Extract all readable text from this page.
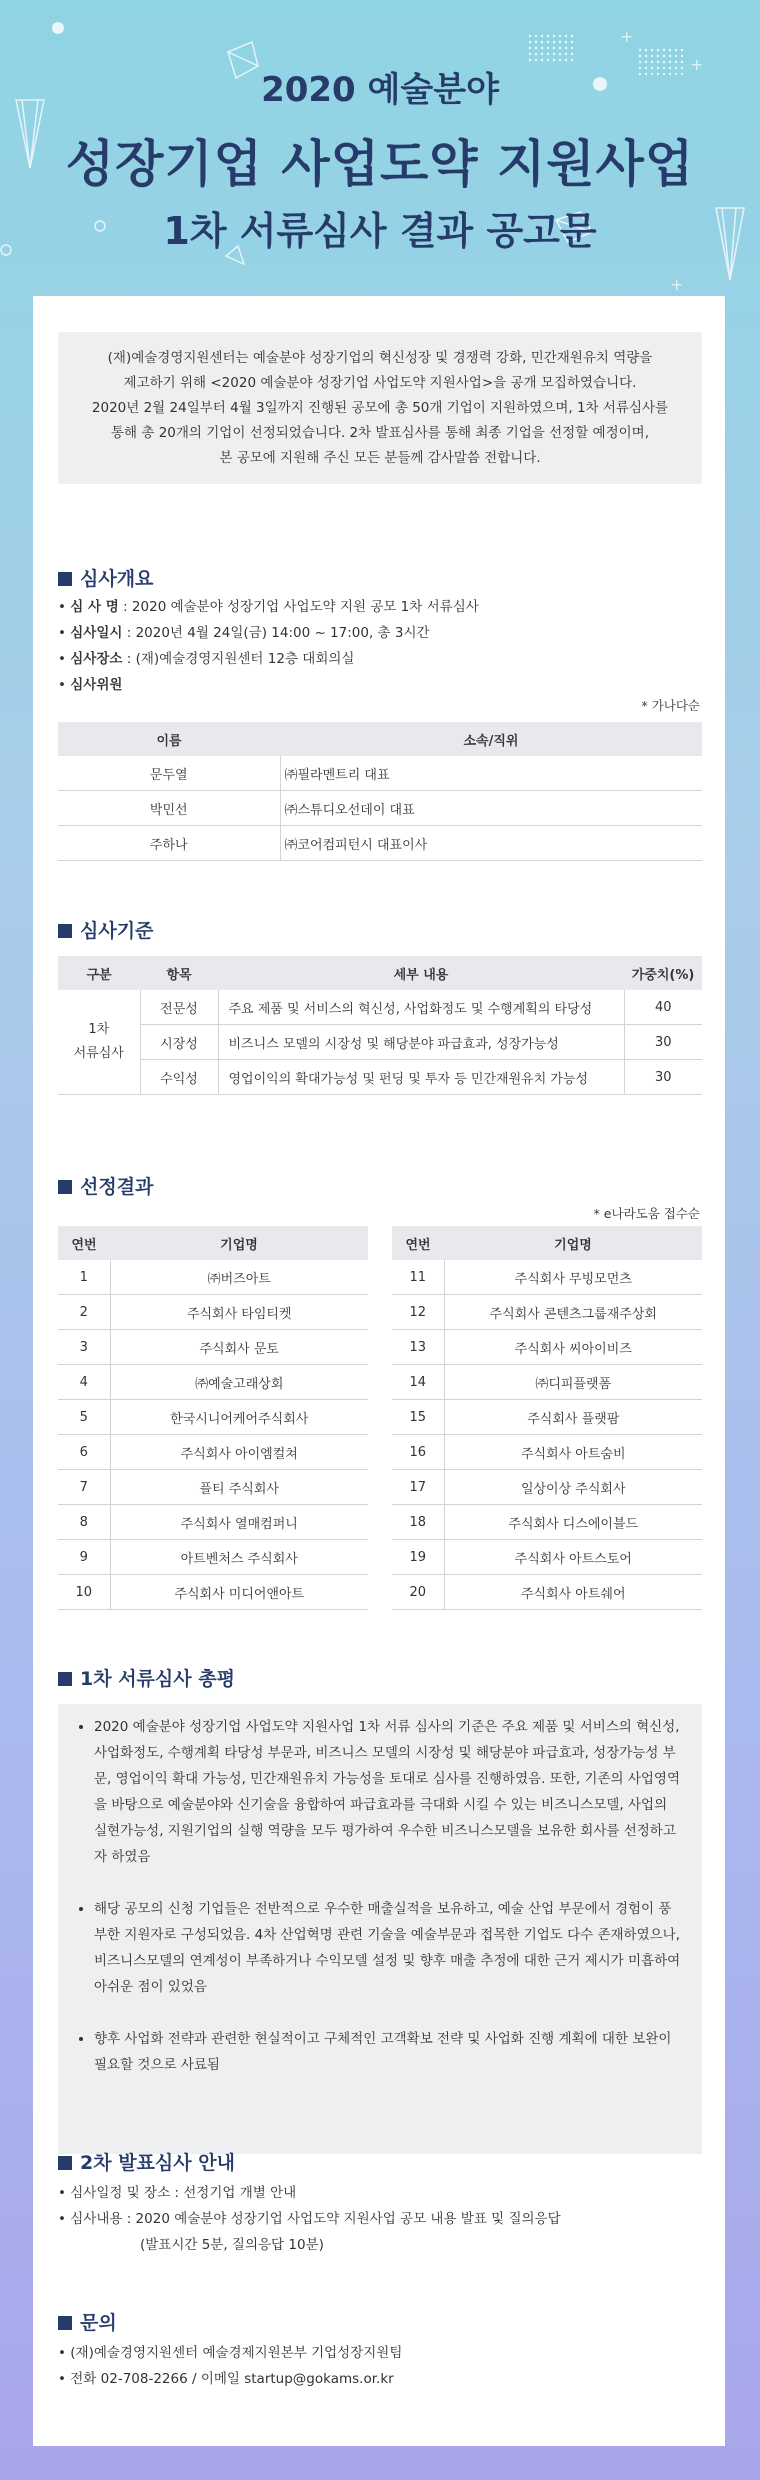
+
+
+
2020 예술분야
성장기업 사업도약 지원사업
1차 서류심사 결과 공고문
(재)예술경영지원센터는 예술분야 성장기업의 혁신성장 및 경쟁력 강화, 민간재원유치 역량을
제고하기 위해 <2020 예술분야 성장기업 사업도약 지원사업>을 공개 모집하였습니다.
2020년 2월 24일부터 4월 3일까지 진행된 공모에 총 50개 기업이 지원하였으며, 1차 서류심사를
통해 총 20개의 기업이 선정되었습니다. 2차 발표심사를 통해 최종 기업을 선정할 예정이며,
본 공모에 지원해 주신 모든 분들께 감사말씀 전합니다.
심사개요
• 심 사 명 : 2020 예술분야 성장기업 사업도약 지원 공모 1차 서류심사
• 심사일시 : 2020년 4월 24일(금) 14:00 ~ 17:00, 총 3시간
• 심사장소 : (재)예술경영지원센터 12층 대회의실
• 심사위원
* 가나다순
이름	소속/직위
문두열	㈜필라멘트리 대표
박민선	㈜스튜디오선데이 대표
주하나	㈜코어컴피턴시 대표이사
심사기준
구분	항목	세부 내용	가중치(%)
1차
서류심사	전문성	주요 제품 및 서비스의 혁신성, 사업화정도 및 수행계획의 타당성	40
	시장성	비즈니스 모델의 시장성 및 해당분야 파급효과, 성장가능성	30
	수익성	영업이익의 확대가능성 및 펀딩 및 투자 등 민간재원유치 가능성	30
선정결과
* e나라도움 접수순
연번	기업명
1	㈜버즈아트
2	주식회사 타임티켓
3	주식회사 문토
4	㈜예술고래상회
5	한국시니어케어주식회사
6	주식회사 아이엠컬쳐
7	플티 주식회사
8	주식회사 열매컴퍼니
9	아트벤처스 주식회사
10	주식회사 미디어앤아트
연번	기업명
11	주식회사 무빙모먼츠
12	주식회사 콘텐츠그룹재주상회
13	주식회사 씨아이비즈
14	㈜디피플랫폼
15	주식회사 플랫팜
16	주식회사 아트숨비
17	일상이상 주식회사
18	주식회사 디스에이블드
19	주식회사 아트스토어
20	주식회사 아트쉐어
1차 서류심사 총평
• 2020 예술분야 성장기업 사업도약 지원사업 1차 서류 심사의 기준은 주요 제품 및 서비스의 혁신성, 사업화정도, 수행계획 타당성 부문과, 비즈니스 모델의 시장성 및 해당분야 파급효과, 성장가능성 부문, 영업이익 확대 가능성, 민간재원유치 가능성을 토대로 심사를 진행하였음. 또한, 기존의 사업영역을 바탕으로 예술분야와 신기술을 융합하여 파급효과를 극대화 시킬 수 있는 비즈니스모델, 사업의 실현가능성, 지원기업의 실행 역량을 모두 평가하여 우수한 비즈니스모델을 보유한 회사를 선정하고자 하였음
• 해당 공모의 신청 기업들은 전반적으로 우수한 매출실적을 보유하고, 예술 산업 부문에서 경험이 풍부한 지원자로 구성되었음. 4차 산업혁명 관련 기술을 예술부문과 접목한 기업도 다수 존재하였으나, 비즈니스모델의 연계성이 부족하거나 수익모델 설정 및 향후 매출 추정에 대한 근거 제시가 미흡하여 아쉬운 점이 있었음
• 향후 사업화 전략과 관련한 현실적이고 구체적인 고객확보 전략 및 사업화 진행 계획에 대한 보완이 필요할 것으로 사료됨
2차 발표심사 안내
• 심사일정 및 장소 : 선정기업 개별 안내
• 심사내용 : 2020 예술분야 성장기업 사업도약 지원사업 공모 내용 발표 및 질의응답
(발표시간 5분, 질의응답 10분)
문의
• (재)예술경영지원센터 예술경제지원본부 기업성장지원팀
• 전화 02-708-2266 / 이메일 startup@gokams.or.kr
